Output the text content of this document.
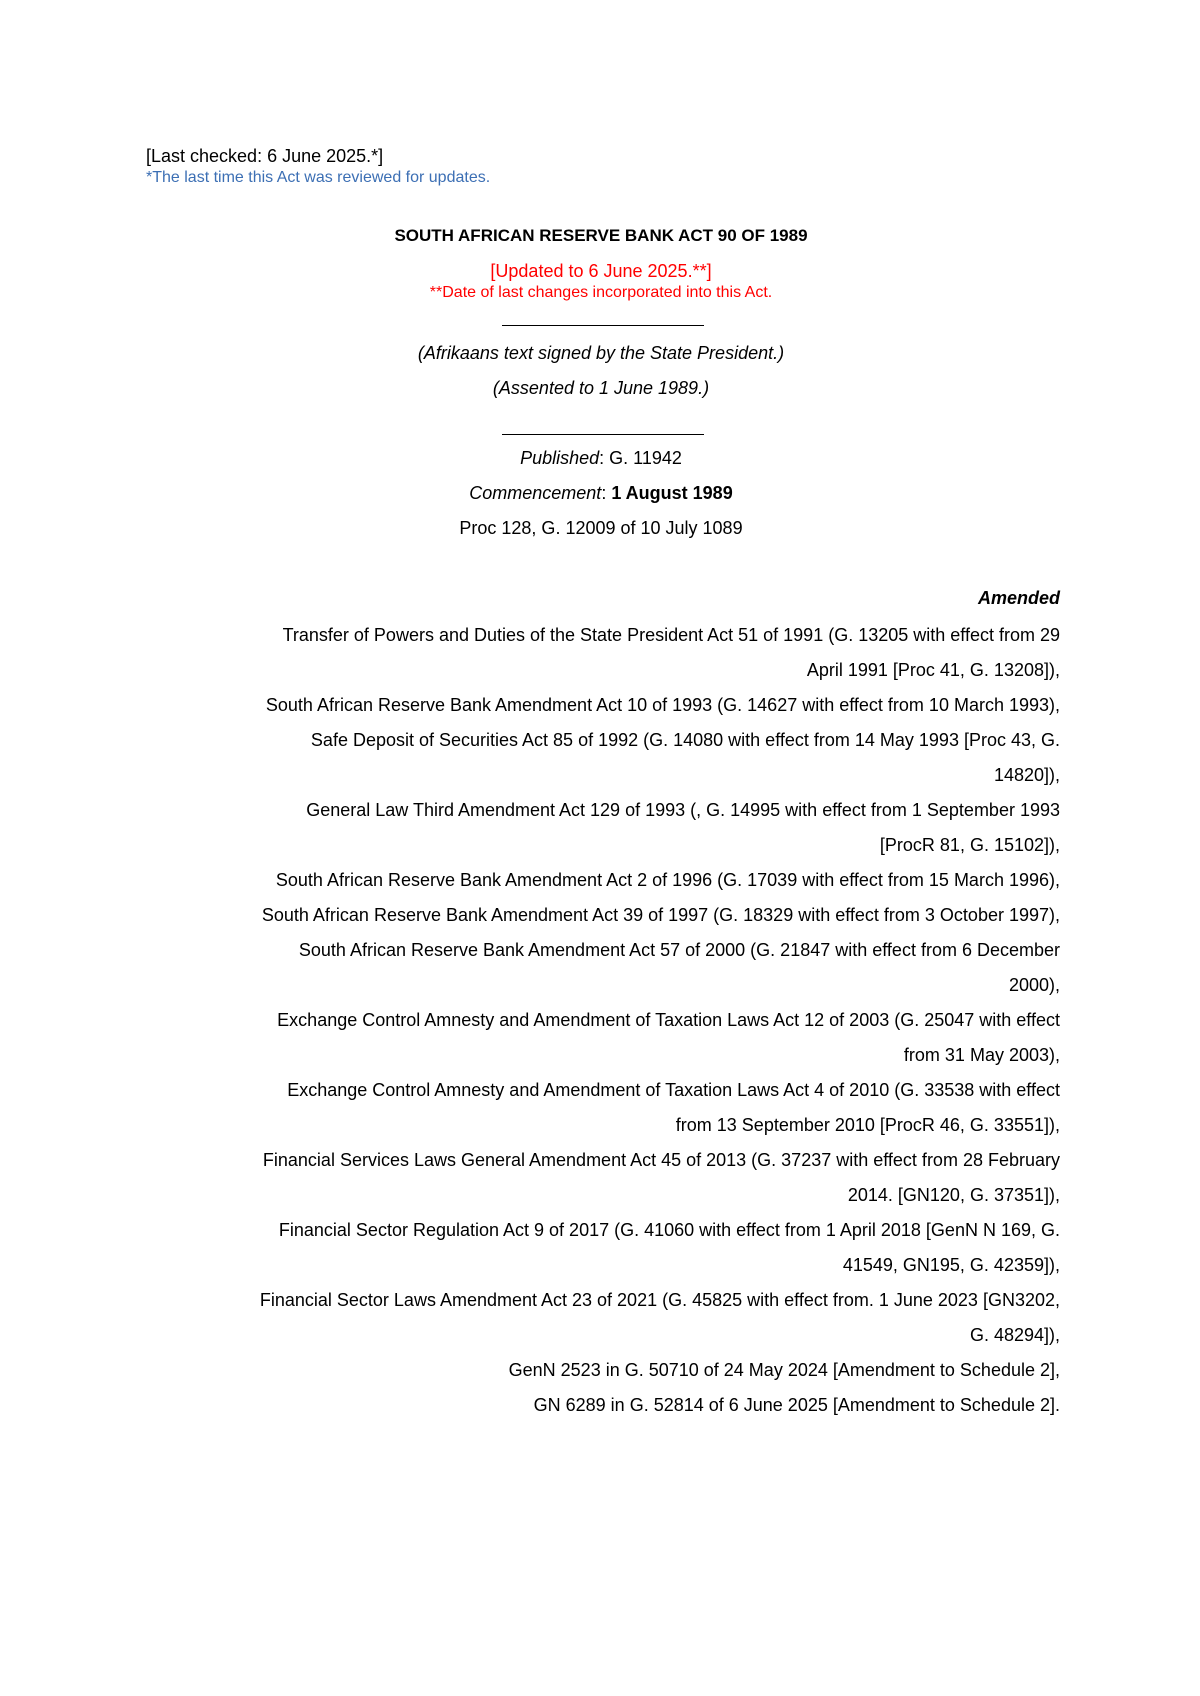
[Last checked: 6 June 2025.*]
*The last time this Act was reviewed for updates.
SOUTH AFRICAN RESERVE BANK ACT 90 OF 1989
[Updated to 6 June 2025.**]
**Date of last changes incorporated into this Act.
(Afrikaans text signed by the State President.)
(Assented to 1 June 1989.)
Published: G. 11942
Commencement: 1 August 1989
Proc 128, G. 12009 of 10 July 1089
Amended
Transfer of Powers and Duties of the State President Act 51 of 1991 (G. 13205 with effect from 29
April 1991 [Proc 41, G. 13208]),
South African Reserve Bank Amendment Act 10 of 1993 (G. 14627 with effect from 10 March 1993),
Safe Deposit of Securities Act 85 of 1992 (G. 14080 with effect from 14 May 1993 [Proc 43, G.
14820]),
General Law Third Amendment Act 129 of 1993 (, G. 14995 with effect from 1 September 1993
[ProcR 81, G. 15102]),
South African Reserve Bank Amendment Act 2 of 1996 (G. 17039 with effect from 15 March 1996),
South African Reserve Bank Amendment Act 39 of 1997 (G. 18329 with effect from 3 October 1997),
South African Reserve Bank Amendment Act 57 of 2000 (G. 21847 with effect from 6 December
2000),
Exchange Control Amnesty and Amendment of Taxation Laws Act 12 of 2003 (G. 25047 with effect
from 31 May 2003),
Exchange Control Amnesty and Amendment of Taxation Laws Act 4 of 2010 (G. 33538 with effect
from 13 September 2010 [ProcR 46, G. 33551]),
Financial Services Laws General Amendment Act 45 of 2013 (G. 37237 with effect from 28 February
2014. [GN120, G. 37351]),
Financial Sector Regulation Act 9 of 2017 (G. 41060 with effect from 1 April 2018 [GenN N 169, G.
41549, GN195, G. 42359]),
Financial Sector Laws Amendment Act 23 of 2021 (G. 45825 with effect from. 1 June 2023 [GN3202,
G. 48294]),
GenN 2523 in G. 50710 of 24 May 2024 [Amendment to Schedule 2],
GN 6289 in G. 52814 of 6 June 2025 [Amendment to Schedule 2].
